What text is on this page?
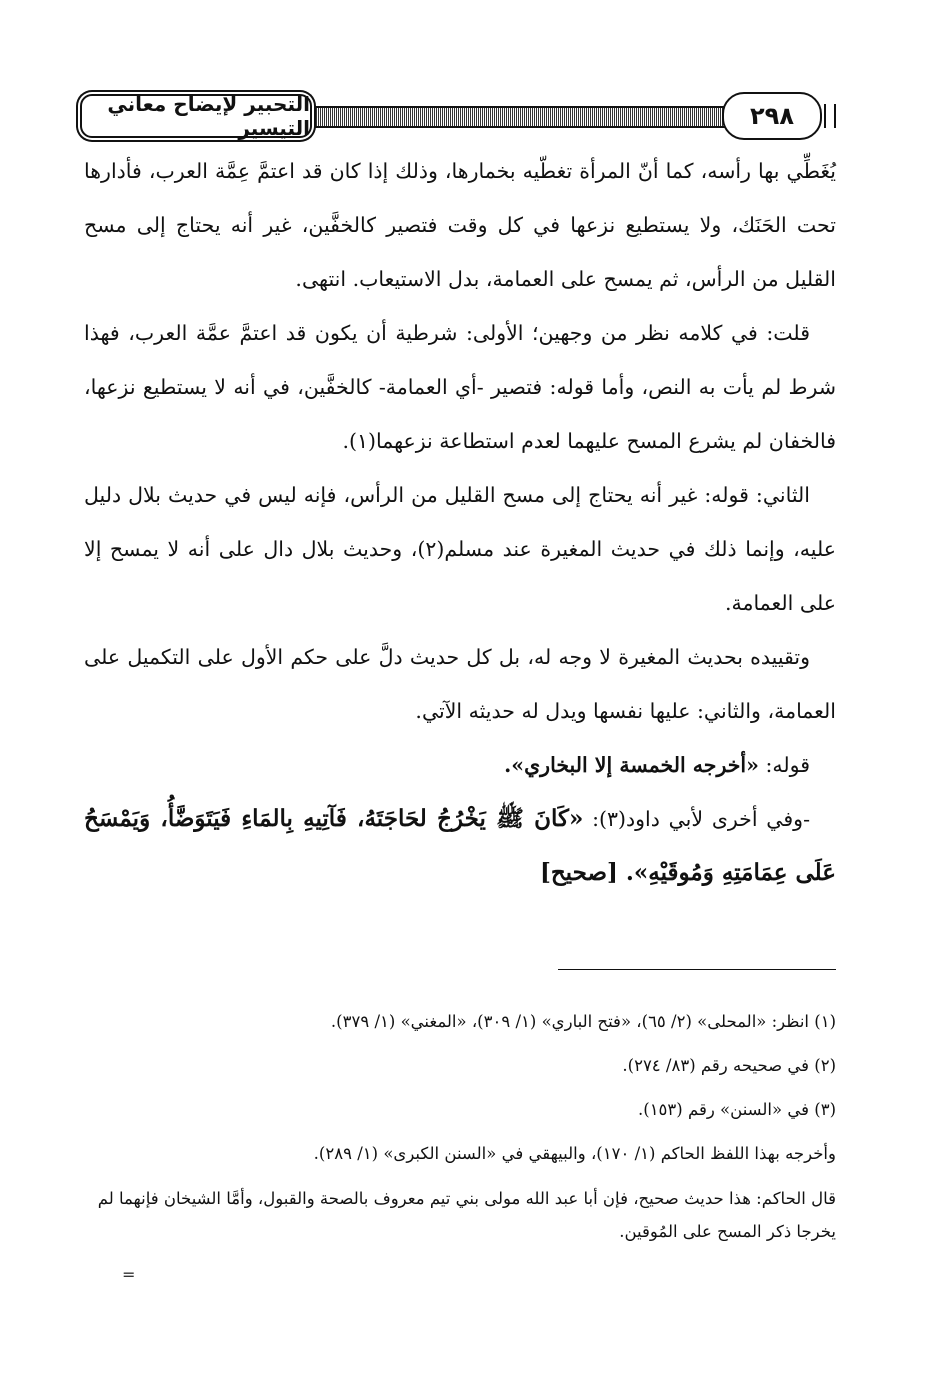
التحبير لإيضاح معاني التيسير	٢٩٨

يُغَطِّي بها رأسه، كما أنّ المرأة تغطّيه بخمارها، وذلك إذا كان قد اعتمَّ عِمَّة العرب، فأدارها تحت الحَنَك، ولا يستطيع نزعها في كل وقت فتصير كالخفَّين، غير أنه يحتاج إلى مسح القليل من الرأس، ثم يمسح على العمامة، بدل الاستيعاب. انتهى.

قلت: في كلامه نظر من وجهين؛ الأولى: شرطية أن يكون قد اعتمَّ عمَّة العرب، فهذا شرط لم يأت به النص، وأما قوله: فتصير -أي العمامة- كالخفَّين، في أنه لا يستطيع نزعها، فالخفان لم يشرع المسح عليهما لعدم استطاعة نزعهما(١).

الثاني: قوله: غير أنه يحتاج إلى مسح القليل من الرأس، فإنه ليس في حديث بلال دليل عليه، وإنما ذلك في حديث المغيرة عند مسلم(٢)، وحديث بلال دال على أنه لا يمسح إلا على العمامة.

وتقييده بحديث المغيرة لا وجه له، بل كل حديث دلَّ على حكم الأول على التكميل على العمامة، والثاني: عليها نفسها ويدل له حديثه الآتي.

قوله: «أخرجه الخمسة إلا البخاري».

-وفي أخرى لأبي داود(٣): «كَانَ ﷺ يَخْرُجُ لحَاجَتَهُ، فَآتِيهِ بِالمَاءِ فَيَتَوَضَّأُ، وَيَمْسَحُ عَلَى عِمَامَتِهِ وَمُوقَيْهِ». [صحيح]

(١) انظر: «المحلى» (٢/ ٦٥)، «فتح الباري» (١/ ٣٠٩)، «المغني» (١/ ٣٧٩).

(٢) في صحيحه رقم (٨٣/ ٢٧٤).

(٣) في «السنن» رقم (١٥٣).

وأخرجه بهذا اللفظ الحاكم (١/ ١٧٠)، والبيهقي في «السنن الكبرى» (١/ ٢٨٩).

قال الحاكم: هذا حديث صحيح، فإن أبا عبد الله مولى بني تيم معروف بالصحة والقبول، وأمَّا الشيخان فإنهما لم يخرجا ذكر المسح على المُوقين.

=
